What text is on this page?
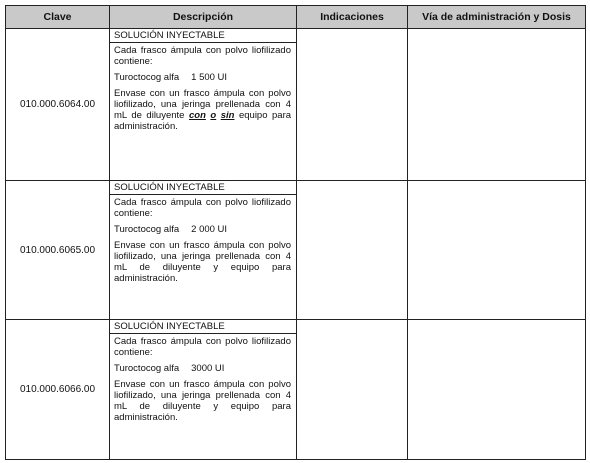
Clave	Descripción	Indicaciones	Vía de administración y Dosis
010.000.6064.00	SOLUCIÓN INYECTABLE
Cada frasco ámpula con polvo liofilizado contiene:
Turoctocog alfa 1 500 UI
Envase con un frasco ámpula con polvo liofilizado, una jeringa prellenada con 4 mL de diluyente con o sin equipo para administración.		

010.000.6065.00	SOLUCIÓN INYECTABLE
Cada frasco ámpula con polvo liofilizado contiene:
Turoctocog alfa 2 000 UI
Envase con un frasco ámpula con polvo liofilizado, una jeringa prellenada con 4 mL de diluyente y equipo para administración.		

010.000.6066.00	SOLUCIÓN INYECTABLE
Cada frasco ámpula con polvo liofilizado contiene:
Turoctocog alfa 3000 UI
Envase con un frasco ámpula con polvo liofilizado, una jeringa prellenada con 4 mL de diluyente y equipo para administración.		
